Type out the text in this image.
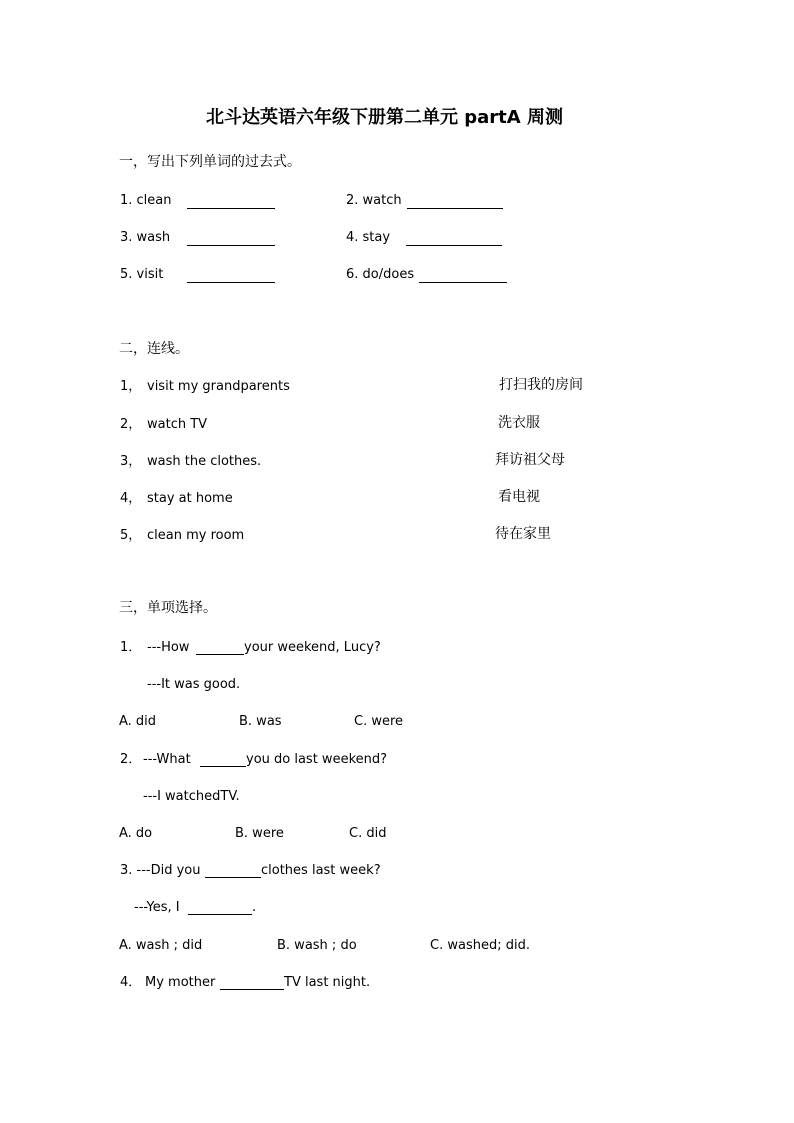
北斗达英语六年级下册第二单元 partA 周测
一，写出下列单词的过去式。
1. clean	2. watch
3. wash	4. stay
5. visit	6. do/does
二，连线。
1， visit my grandparents	打扫我的房间
2， watch TV	洗衣服
3， wash the clothes.	拜访祖父母
4， stay at home	看电视
5， clean my room	待在家里
三，单项选择。
1． ---How	your weekend, Lucy?
---It was good.
A. did	B. was	C. were
2． ---What	you do last weekend?
---I watchedTV.
A. do	B. were	C. did
3. ---Did you	clothes last week?
---Yes, I	.
A. wash ; did	B. wash ; do	C. washed; did.
4． My mother	TV last night.
